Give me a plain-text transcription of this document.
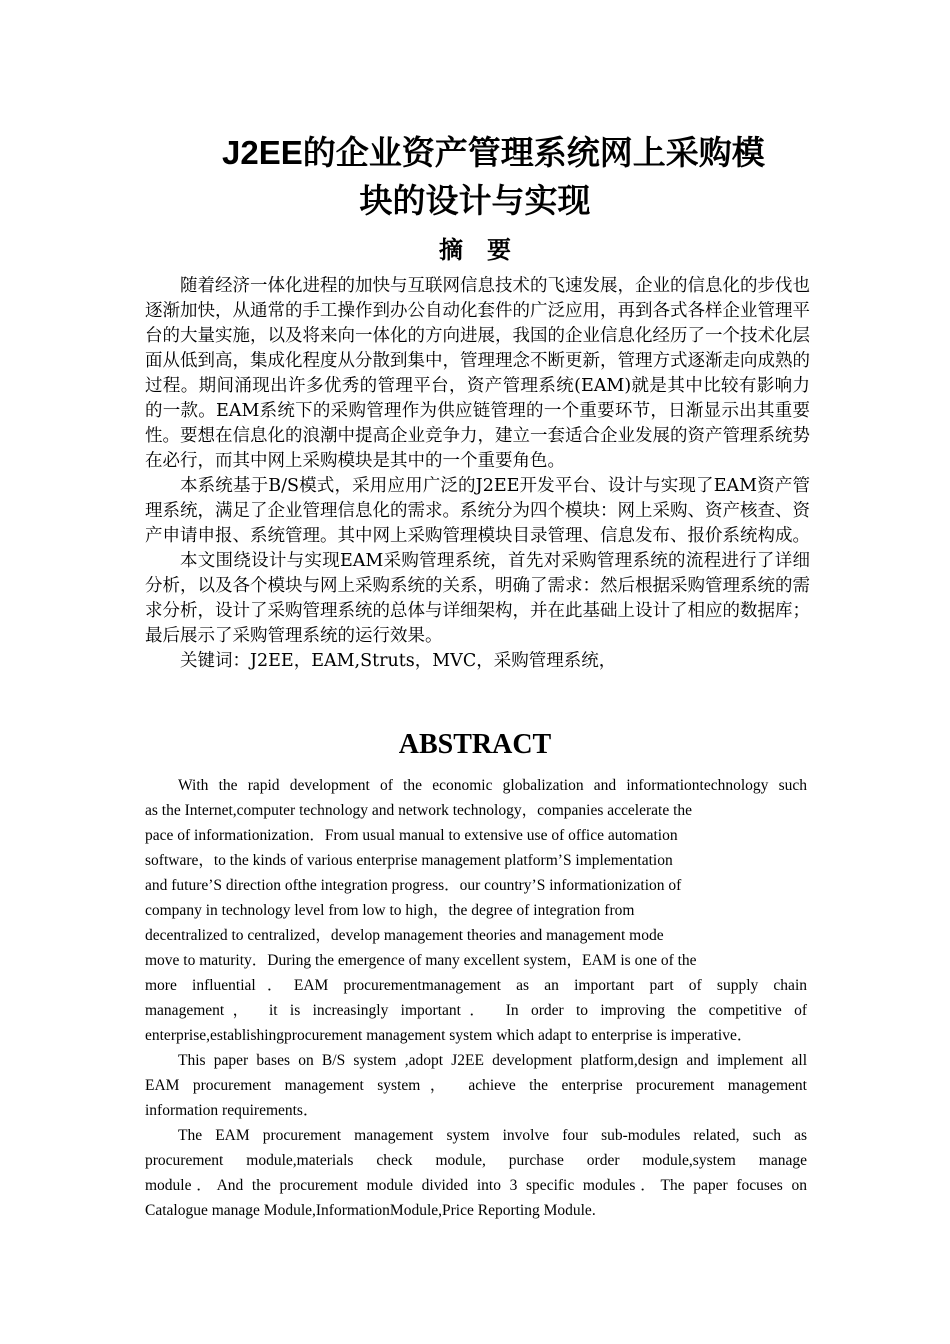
J2EE的企业资产管理系统网上采购模
块的设计与实现
摘要

随着经济一体化进程的加快与互联网信息技术的飞速发展，企业的信息化的步伐也逐渐加快，从通常的手工操作到办公自动化套件的广泛应用，再到各式各样企业管理平台的大量实施，以及将来向一体化的方向进展，我国的企业信息化经历了一个技术化层面从低到高，集成化程度从分散到集中，管理理念不断更新，管理方式逐渐走向成熟的过程。期间涌现出许多优秀的管理平台，资产管理系统(EAM)就是其中比较有影响力的一款。EAM系统下的采购管理作为供应链管理的一个重要环节，日渐显示出其重要性。要想在信息化的浪潮中提高企业竞争力，建立一套适合企业发展的资产管理系统势在必行，而其中网上采购模块是其中的一个重要角色。

本系统基于B/S模式，采用应用广泛的J2EE开发平台、设计与实现了EAM资产管理系统，满足了企业管理信息化的需求。系统分为四个模块：网上采购、资产核查、资产申请申报、系统管理。其中网上采购管理模块目录管理、信息发布、报价系统构成。

本文围绕设计与实现EAM采购管理系统，首先对采购管理系统的流程进行了详细分析，以及各个模块与网上采购系统的关系，明确了需求：然后根据采购管理系统的需求分析，设计了采购管理系统的总体与详细架构，并在此基础上设计了相应的数据库；最后展示了采购管理系统的运行效果。

关键词：J2EE，EAM,Struts，MVC，采购管理系统，

ABSTRACT
With the rapid development of the economic globalization and informationtechnology such
as the Internet,computer technology and network technology，companies accelerate the
pace of informationization．From usual manual to extensive use of office automation
software，to the kinds of various enterprise management platform’S implementation
and future’S direction ofthe integration progress．our country’S informationization of
company in technology level from low to high，the degree of integration from
decentralized to centralized，develop management theories and management mode
move to maturity．During the emergence of many excellent system，EAM is one of the
more influential．EAM procurementmanagement as an important part of supply chain
management， it is increasingly important． In order to improving the competitive of
enterprise,establishingprocurement management system which adapt to enterprise is imperative．
This paper bases on B/S system ,adopt J2EE development platform,design and implement all
EAM procurement management system， achieve the enterprise procurement management
information requirements．
The EAM procurement management system involve four sub-modules related, such as
procurement module,materials check module, purchase order module,system manage
module．And the procurement module divided into 3 specific modules．The paper focuses on
Catalogue manage Module,InformationModule,Price Reporting Module.
